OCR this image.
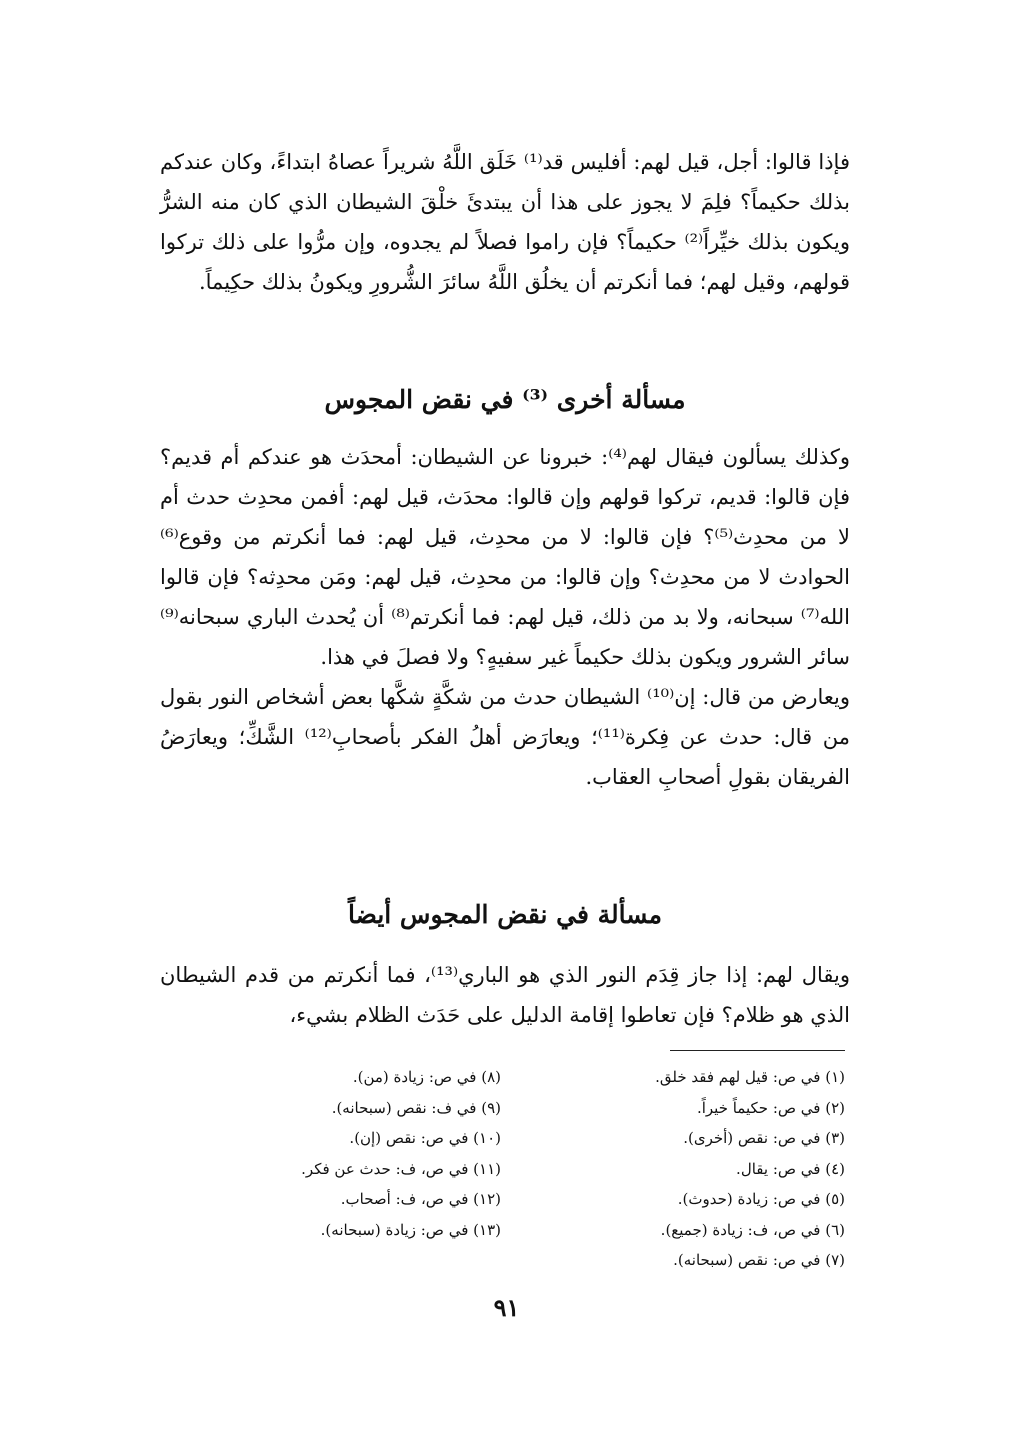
فإذا قالوا: أجل، قيل لهم: أفليس قد⁽¹⁾ خَلَق اللَّهُ شريراً عصاهُ ابتداءً، وكان عندكم بذلك حكيماً؟ فلِمَ لا يجوز على هذا أن يبتدئَ خلْقَ الشيطان الذي كان منه الشرُّ ويكون بذلك خيِّراً⁽²⁾ حكيماً؟ فإن راموا فصلاً لم يجدوه، وإن مرُّوا على ذلك تركوا قولهم، وقيل لهم؛ فما أنكرتم أن يخلُق اللَّهُ سائرَ الشُّرورِ ويكونُ بذلك حكِيماً.

مسألة أخرى ⁽³⁾ في نقض المجوس

وكذلك يسألون فيقال لهم⁽⁴⁾: خبرونا عن الشيطان: أمحدَث هو عندكم أم قديم؟ فإن قالوا: قديم، تركوا قولهم وإن قالوا: محدَث، قيل لهم: أفمن محدِث حدث أم لا من محدِث⁽⁵⁾؟ فإن قالوا: لا من محدِث، قيل لهم: فما أنكرتم من وقوع⁽⁶⁾ الحوادث لا من محدِث؟ وإن قالوا: من محدِث، قيل لهم: ومَن محدِثه؟ فإن قالوا الله⁽⁷⁾ سبحانه، ولا بد من ذلك، قيل لهم: فما أنكرتم⁽⁸⁾ أن يُحدث الباري سبحانه⁽⁹⁾ سائر الشرور ويكون بذلك حكيماً غير سفيهٍ؟ ولا فصلَ في هذا.

ويعارض من قال: إن⁽¹⁰⁾ الشيطان حدث من شكَّةٍ شكَّها بعض أشخاص النور بقول من قال: حدث عن فِكرة⁽¹¹⁾؛ ويعارَض أهلُ الفكر بأصحابِ⁽¹²⁾ الشَّكِّ؛ ويعارَضُ الفريقان بقولِ أصحابِ العقاب.

مسألة في نقض المجوس أيضاً

ويقال لهم: إذا جاز قِدَم النور الذي هو الباري⁽¹³⁾، فما أنكرتم من قدم الشيطان الذي هو ظلام؟ فإن تعاطوا إقامة الدليل على حَدَث الظلام بشيء،

(١) في ص: قيل لهم فقد خلق.
(٢) في ص: حكيماً خيراً.
(٣) في ص: نقص (أخرى).
(٤) في ص: يقال.
(٥) في ص: زيادة (حدوث).
(٦) في ص، ف: زيادة (جميع).
(٧) في ص: نقص (سبحانه).
(٨) في ص: زيادة (من).
(٩) في ف: نقص (سبحانه).
(١٠) في ص: نقص (إن).
(١١) في ص، ف: حدث عن فكر.
(١٢) في ص، ف: أصحاب.
(١٣) في ص: زيادة (سبحانه).
٩١
